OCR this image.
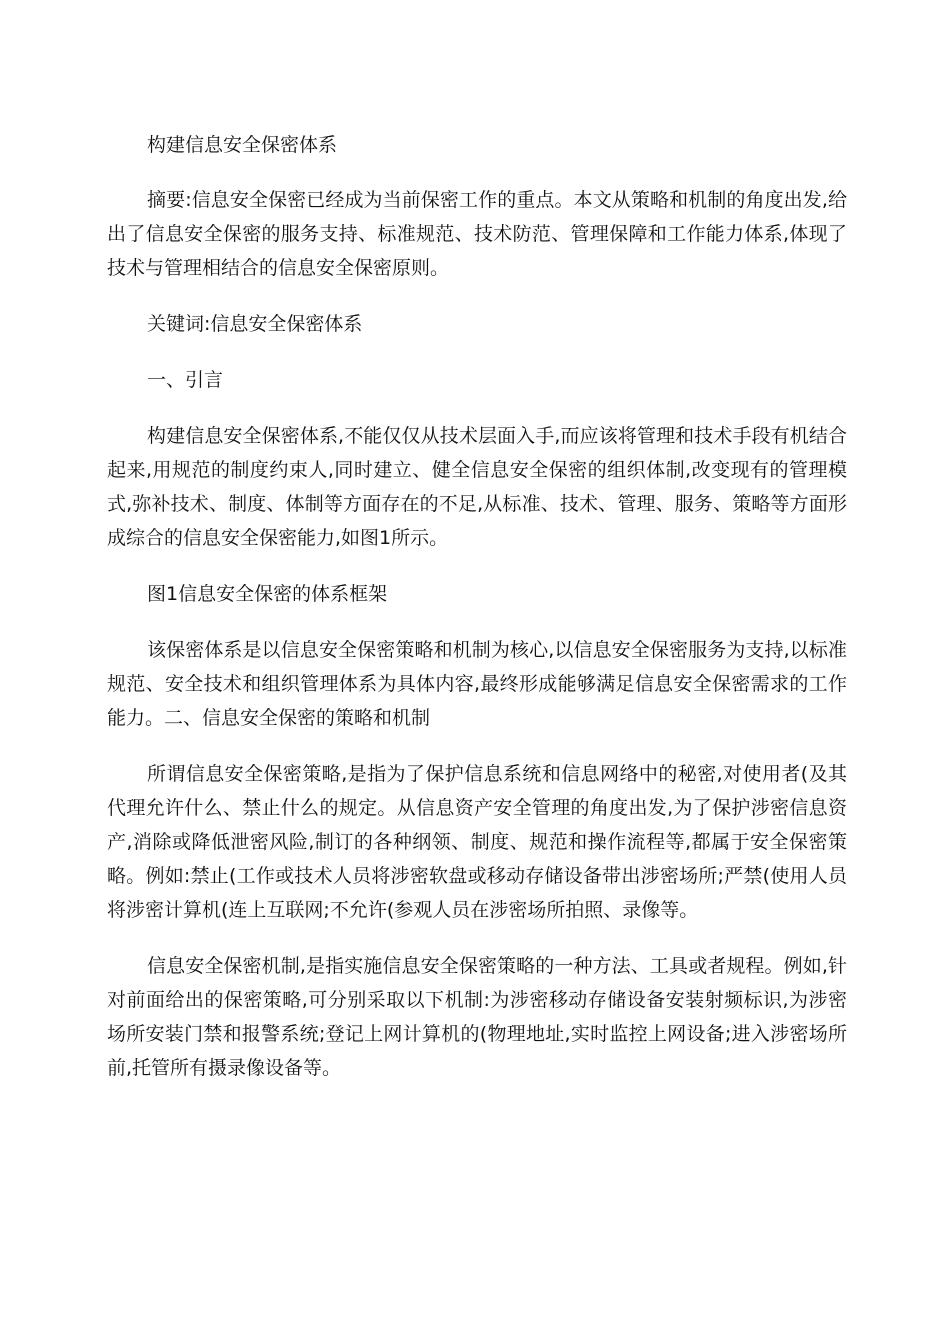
构建信息安全保密体系

摘要:信息安全保密已经成为当前保密工作的重点。本文从策略和机制的角度出发,给出了信息安全保密的服务支持、标准规范、技术防范、管理保障和工作能力体系,体现了技术与管理相结合的信息安全保密原则。

关键词:信息安全保密体系

一、引言

构建信息安全保密体系,不能仅仅从技术层面入手,而应该将管理和技术手段有机结合起来,用规范的制度约束人,同时建立、健全信息安全保密的组织体制,改变现有的管理模式,弥补技术、制度、体制等方面存在的不足,从标准、技术、管理、服务、策略等方面形成综合的信息安全保密能力,如图1所示。

图1信息安全保密的体系框架

该保密体系是以信息安全保密策略和机制为核心,以信息安全保密服务为支持,以标准规范、安全技术和组织管理体系为具体内容,最终形成能够满足信息安全保密需求的工作能力。二、信息安全保密的策略和机制

所谓信息安全保密策略,是指为了保护信息系统和信息网络中的秘密,对使用者(及其代理允许什么、禁止什么的规定。从信息资产安全管理的角度出发,为了保护涉密信息资产,消除或降低泄密风险,制订的各种纲领、制度、规范和操作流程等,都属于安全保密策略。例如:禁止(工作或技术人员将涉密软盘或移动存储设备带出涉密场所;严禁(使用人员将涉密计算机(连上互联网;不允许(参观人员在涉密场所拍照、录像等。

信息安全保密机制,是指实施信息安全保密策略的一种方法、工具或者规程。例如,针对前面给出的保密策略,可分别采取以下机制:为涉密移动存储设备安装射频标识,为涉密场所安装门禁和报警系统;登记上网计算机的(物理地址,实时监控上网设备;进入涉密场所前,托管所有摄录像设备等。
